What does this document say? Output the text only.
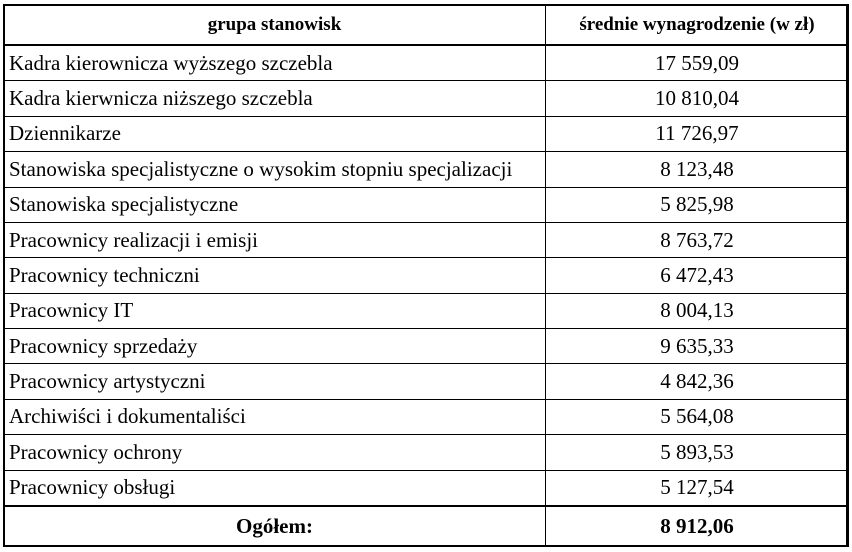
grupa stanowisk	średnie wynagrodzenie (w zł)
Kadra kierownicza wyższego szczebla	17 559,09
Kadra kierwnicza niższego szczebla	10 810,04
Dziennikarze	11 726,97
Stanowiska specjalistyczne o wysokim stopniu specjalizacji	8 123,48
Stanowiska specjalistyczne	5 825,98
Pracownicy realizacji i emisji	8 763,72
Pracownicy techniczni	6 472,43
Pracownicy IT	8 004,13
Pracownicy sprzedaży	9 635,33
Pracownicy artystyczni	4 842,36
Archiwiści i dokumentaliści	5 564,08
Pracownicy ochrony	5 893,53
Pracownicy obsługi	5 127,54
Ogółem:	8 912,06
